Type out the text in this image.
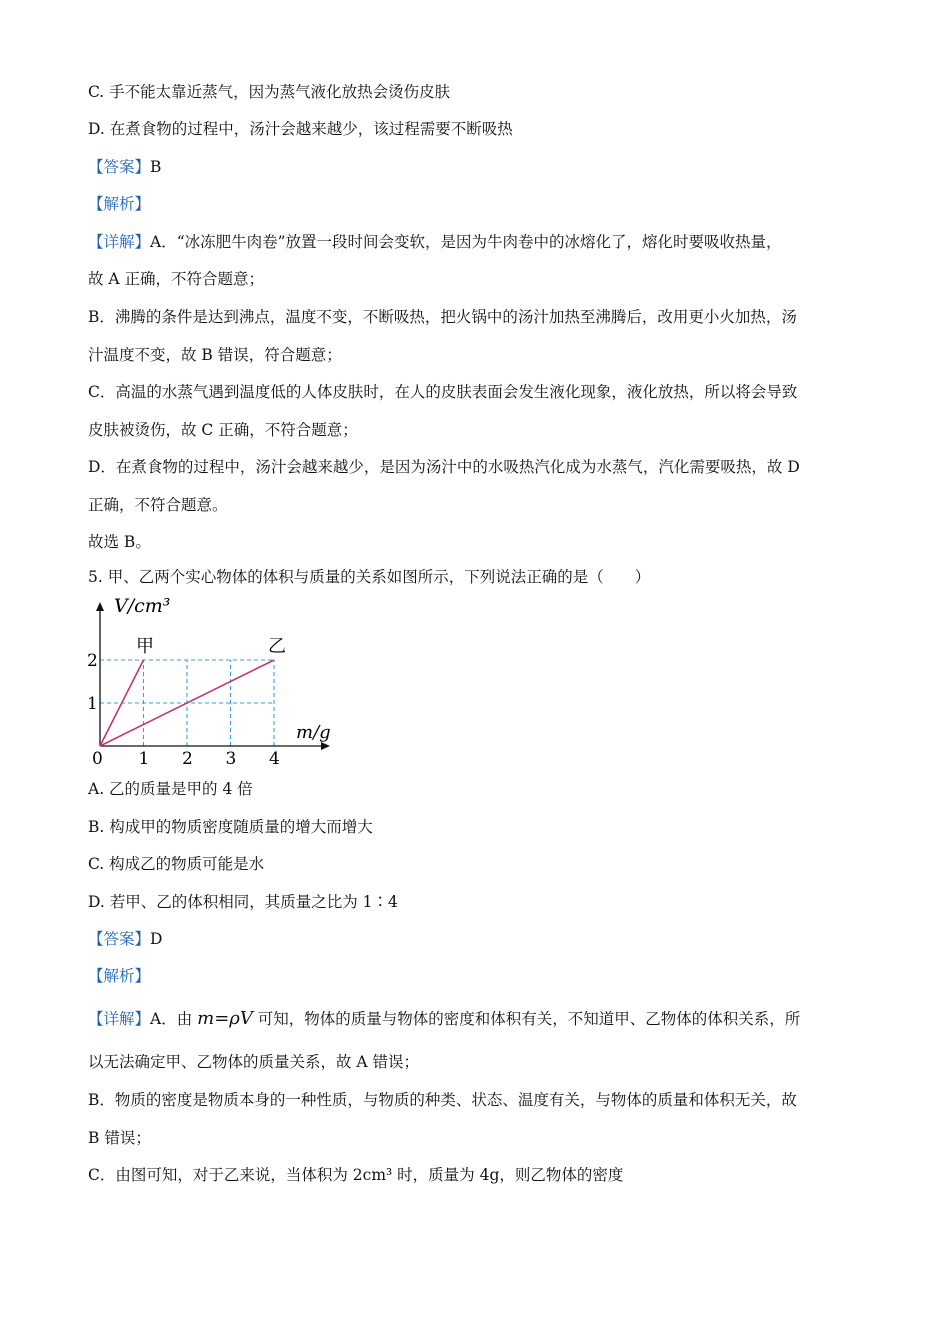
C. 手不能太靠近蒸气，因为蒸气液化放热会烫伤皮肤
D. 在煮食物的过程中，汤汁会越来越少，该过程需要不断吸热
【答案】B
【解析】
【详解】A．“冰冻肥牛肉卷”放置一段时间会变软，是因为牛肉卷中的冰熔化了，熔化时要吸收热量，
故 A 正确，不符合题意；
B．沸腾的条件是达到沸点，温度不变，不断吸热，把火锅中的汤汁加热至沸腾后，改用更小火加热，汤
汁温度不变，故 B 错误，符合题意；
C．高温的水蒸气遇到温度低的人体皮肤时，在人的皮肤表面会发生液化现象，液化放热，所以将会导致
皮肤被烫伤，故 C 正确，不符合题意；
D．在煮食物的过程中，汤汁会越来越少，是因为汤汁中的水吸热汽化成为水蒸气，汽化需要吸热，故 D
正确，不符合题意。
故选 B。
5. 甲、乙两个实心物体的体积与质量的关系如图所示，下列说法正确的是（　　）
V/cm³
m/g
0 1 2 3 4
1
2
甲	乙
A. 乙的质量是甲的 4 倍
B. 构成甲的物质密度随质量的增大而增大
C. 构成乙的物质可能是水
D. 若甲、乙的体积相同，其质量之比为 1∶4
【答案】D
【解析】
【详解】A．由 m=ρV 可知，物体的质量与物体的密度和体积有关，不知道甲、乙物体的体积关系，所
以无法确定甲、乙物体的质量关系，故 A 错误；
B．物质的密度是物质本身的一种性质，与物质的种类、状态、温度有关，与物体的质量和体积无关，故
B 错误；
C．由图可知，对于乙来说，当体积为 2cm³ 时，质量为 4g，则乙物体的密度
